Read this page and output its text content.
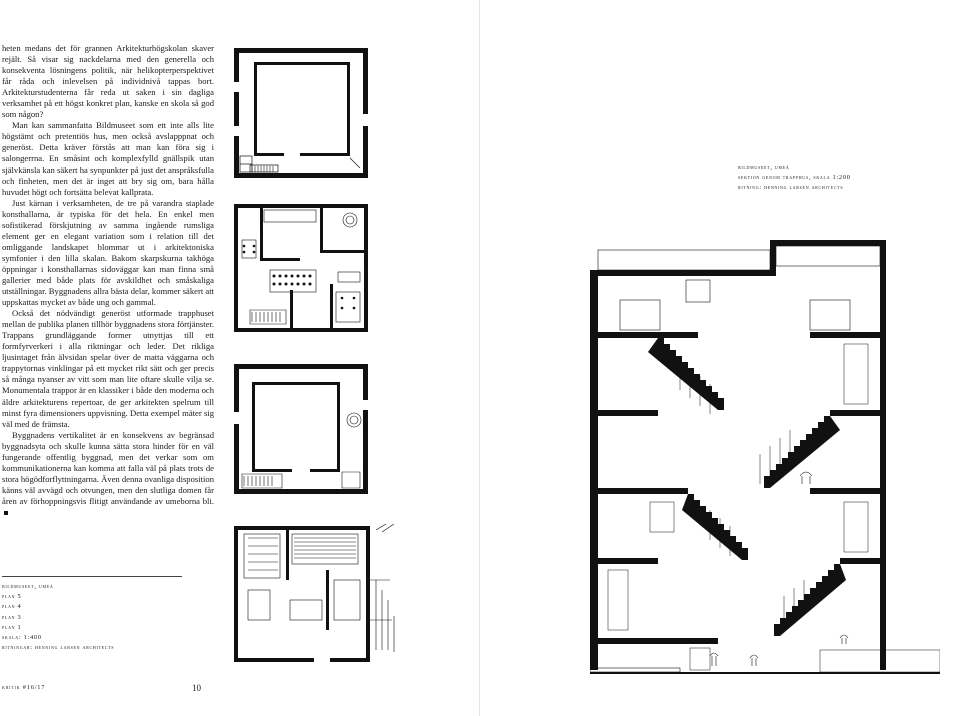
heten medans det för grannen Arkitekturhögskolan skaver rejält. Så visar sig nackdelarna med den generella och konsekventa lösningens politik, när helikopterperspektivet får råda och inlevelsen på individnivå tappas bort. Arkitekturstudenterna får reda ut saken i sin dagliga verksamhet på ett högst konkret plan, kanske en skola så god som någon?

Man kan sammanfatta Bildmuseet som ett inte alls lite högstämt och pretentiös hus, men också avslapppnat och generöst. Detta kräver förstås att man kan föra sig i salongerrna. En småsint och komplexfylld gnällspik utan självkänsla kan säkert ha synpunkter på just det anspråksfulla och finheten, men det är inget att bry sig om, bara hålla huvudet högt och fortsätta belevat kallprata.

Just kärnan i verksamheten, de tre på varandra staplade konsthallarna, är typiska för det hela. En enkel men sofistikerad förskjutning av samma ingående rumsliga element ger en elegant variation som i relation till det omliggande landskapet blommar ut i arkitektoniska symfonier i den lilla skalan. Bakom skarpskurna takhöga öppningar i konsthallarnas sidoväggar kan man finna små gallerier med både plats för avskildhet och småskaliga utställningar. Byggnadens allra bästa delar, kommer säkert att uppskattas mycket av både ung och gammal.

Också det nödvändigt generöst utformade trapphuset mellan de publika planen tillhör byggnadens stora förtjänster. Trappans grundläggande former utnyttjas till ett formfyrverkeri i alla riktningar och leder. Det rikliga ljusintaget från älvsidan spelar över de matta väggarna och trappytornas vinklingar på ett mycket rikt sätt och ger precis så många nyanser av vitt som man lite oftare skulle vilja se. Monumentala trappor är en klassiker i både den moderna och äldre arkitekturens repertoar, de ger arkitekten spelrum till minst fyra dimensioners uppvisning. Detta exempel mäter sig väl med de främsta.

Byggnadens vertikalitet är en konsekvens av begränsad byggnadsyta och skulle kunna sätta stora hinder för en väl fungerande offentlig byggnad, men det verkar som om kommunikationerna kan komma att falla väl på plats trots de stora högödforflyttningarna. Även denna ovanliga disposition känns väl avvägd och otvungen, men den slutliga domen får åren av förhoppningsvis flitigt användande av umeborna bli.

bildmuseet, umeå
plan 5
plan 4
plan 3
plan 1
skala: 1:400
ritningar: henning larsen architects
kritik #16/17	10
bildmuseet, umeå
sektion genom trapphus, skala 1:200
ritning: henning larsen architects
